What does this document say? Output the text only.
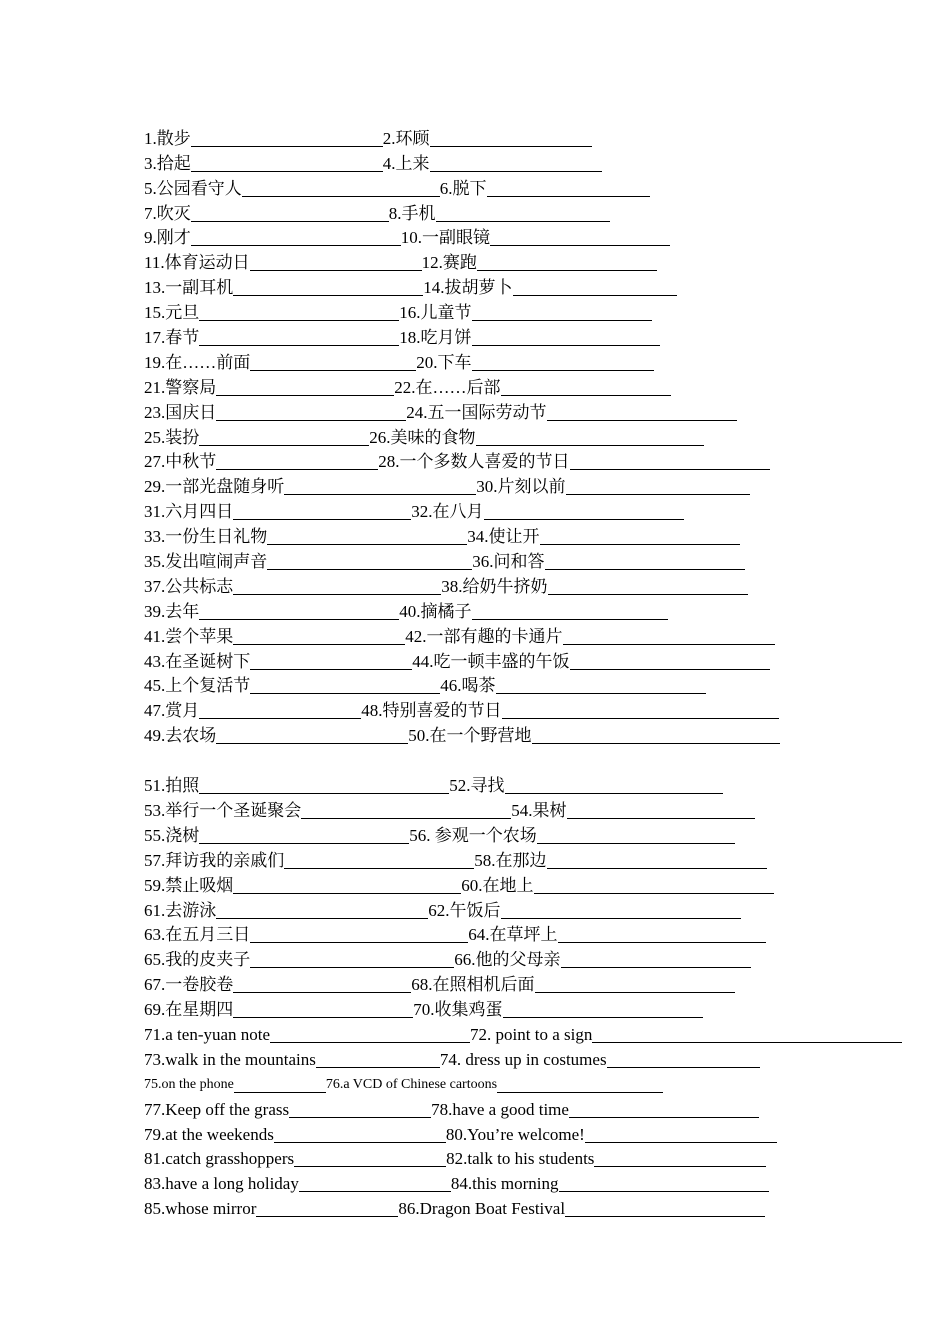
1.散步	2.环顾
3.拾起	4.上来
5.公园看守人	6.脱下
7.吹灭	8.手机
9.刚才	10.一副眼镜
11.体育运动日	12.赛跑
13.一副耳机	14.拔胡萝卜
15.元旦	16.儿童节
17.春节	18.吃月饼
19.在……前面	20.下车
21.警察局	22.在……后部
23.国庆日	24.五一国际劳动节
25.装扮	26.美味的食物
27.中秋节	28.一个多数人喜爱的节日
29.一部光盘随身听	30.片刻以前
31.六月四日	32.在八月
33.一份生日礼物	34.使让开
35.发出喧闹声音	36.问和答
37.公共标志	38.给奶牛挤奶
39.去年	40.摘橘子
41.尝个苹果	42.一部有趣的卡通片
43.在圣诞树下	44.吃一顿丰盛的午饭
45.上个复活节	46.喝茶
47.赏月	48.特别喜爱的节日
49.去农场	50.在一个野营地
51.拍照	52.寻找
53.举行一个圣诞聚会	54.果树
55.浇树	56. 参观一个农场
57.拜访我的亲戚们	58.在那边
59.禁止吸烟	60.在地上
61.去游泳	62.午饭后
63.在五月三日	64.在草坪上
65.我的皮夹子	66.他的父母亲
67.一卷胶卷	68.在照相机后面
69.在星期四	70.收集鸡蛋
71.a ten-yuan note	72. point to a sign
73.walk in the mountains	74. dress up in costumes
75.on the phone	76.a VCD of Chinese cartoons
77.Keep off the grass	78.have a good time
79.at the weekends	80.You’re welcome!
81.catch grasshoppers	82.talk to his students
83.have a long holiday	84.this morning
85.whose mirror	86.Dragon Boat Festival
